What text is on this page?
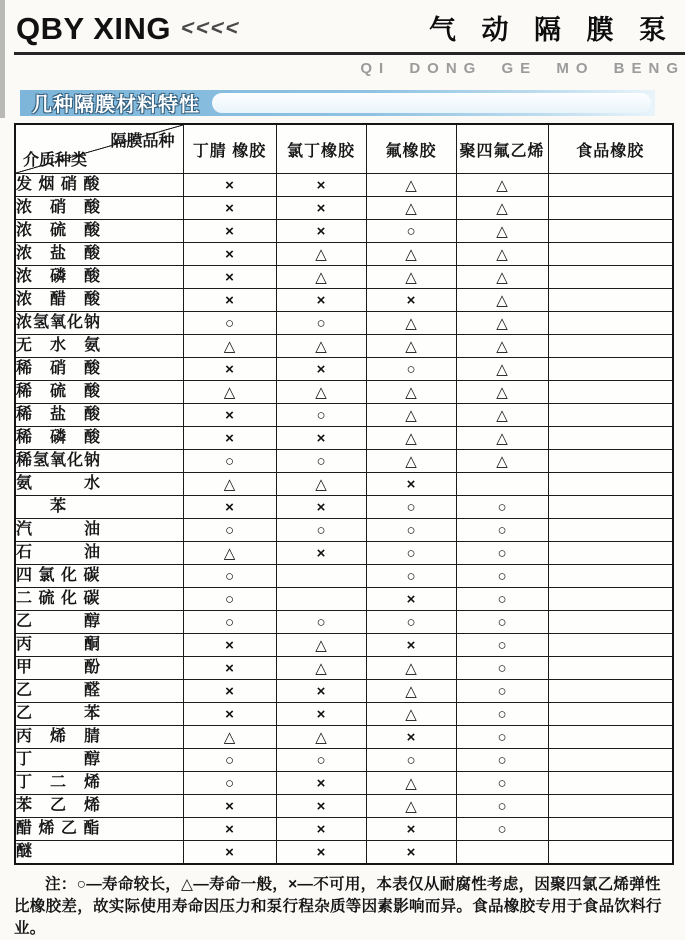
QBY XING <<<<	气 动 隔 膜 泵
QI DONG GE MO BENG
几种隔膜材料特性
隔膜品种
介质种类	丁腈 橡胶	氯丁橡胶	氟橡胶	聚四氟乙烯	食品橡胶
发 烟 硝 酸	×	×	△	△	
浓　硝　酸	×	×	△	△	
浓　硫　酸	×	×	○	△	
浓　盐　酸	×	△	△	△	
浓　磷　酸	×	△	△	△	
浓　醋　酸	×	×	×	△	
浓氢氧化钠	○	○	△	△	
无　水　氨	△	△	△	△	
稀　硝　酸	×	×	○	△	
稀　硫　酸	△	△	△	△	
稀　盐　酸	×	○	△	△	
稀　磷　酸	×	×	△	△	
稀氢氧化钠	○	○	△	△	
氨　　　水	△	△	×		
　　苯	×	×	○	○	
汽　　　油	○	○	○	○	
石　　　油	△	×	○	○	
四 氯 化 碳	○		○	○	
二 硫 化 碳	○		×	○	
乙　　　醇	○	○	○	○	
丙　　　酮	×	△	×	○	
甲　　　酚	×	△	△	○	
乙　　　醛	×	×	△	○	
乙　　　苯	×	×	△	○	
丙　烯　腈	△	△	×	○	
丁　　　醇	○	○	○	○	
丁　二　烯	○	×	△	○	
苯　乙　烯	×	×	△	○	
醋 烯 乙 酯	×	×	×	○	
醚	×	×	×		

注：○—寿命较长，△—寿命一般，×—不可用，本表仅从耐腐性考虑，因聚四氯乙烯弹性比橡胶差，故实际使用寿命因压力和泵行程杂质等因素影响而异。食品橡胶专用于食品饮料行业。
